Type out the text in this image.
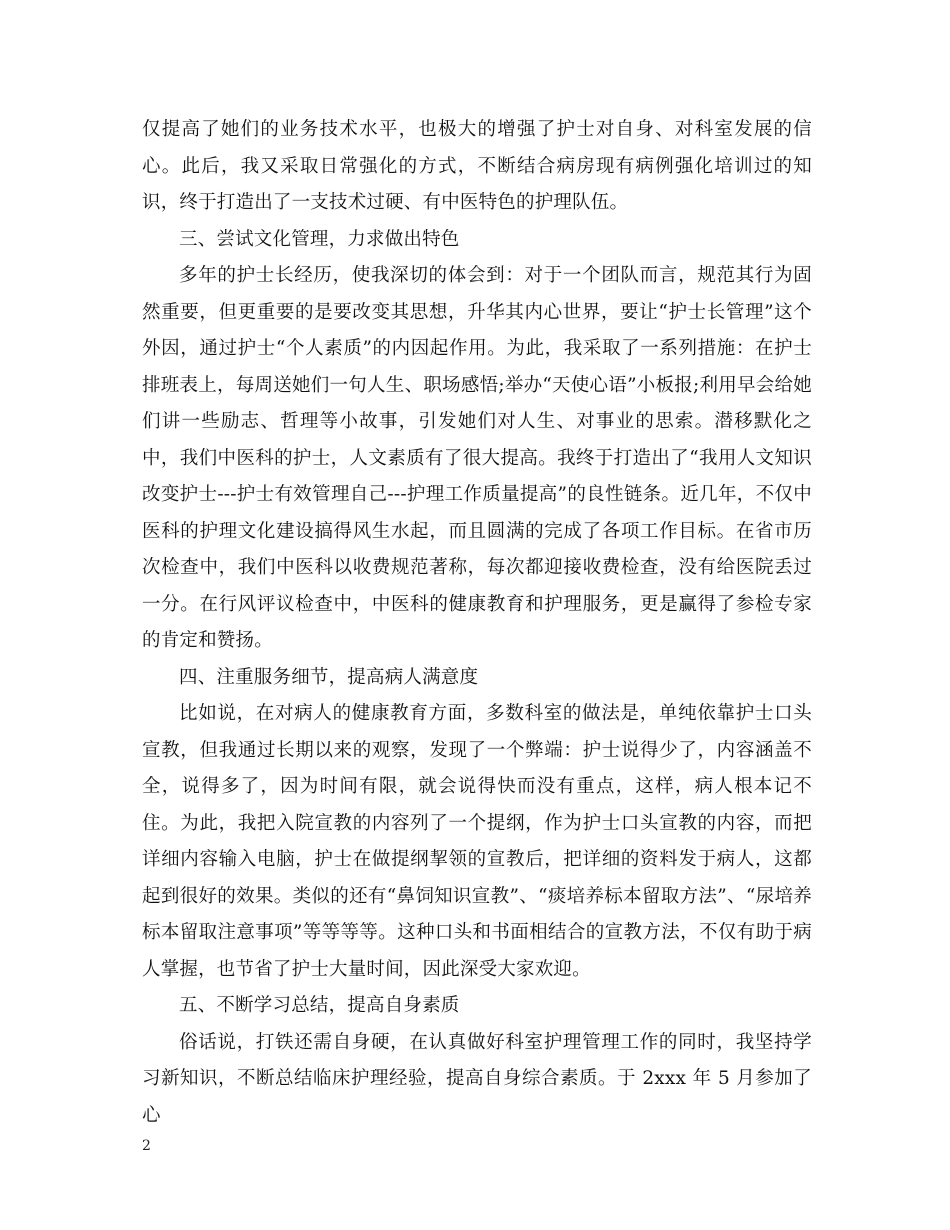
仅提高了她们的业务技术水平，也极大的增强了护士对自身、对科室发展的信心。此后，我又采取日常强化的方式，不断结合病房现有病例强化培训过的知识，终于打造出了一支技术过硬、有中医特色的护理队伍。

三、尝试文化管理，力求做出特色

多年的护士长经历，使我深切的体会到：对于一个团队而言，规范其行为固然重要，但更重要的是要改变其思想，升华其内心世界，要让“护士长管理”这个外因，通过护士“个人素质”的内因起作用。为此，我采取了一系列措施：在护士排班表上，每周送她们一句人生、职场感悟;举办“天使心语”小板报;利用早会给她们讲一些励志、哲理等小故事，引发她们对人生、对事业的思索。潜移默化之中，我们中医科的护士，人文素质有了很大提高。我终于打造出了“我用人文知识改变护士---护士有效管理自己---护理工作质量提高”的良性链条。近几年，不仅中医科的护理文化建设搞得风生水起，而且圆满的完成了各项工作目标。在省市历次检查中，我们中医科以收费规范著称，每次都迎接收费检查，没有给医院丢过一分。在行风评议检查中，中医科的健康教育和护理服务，更是赢得了参检专家的肯定和赞扬。

四、注重服务细节，提高病人满意度

比如说，在对病人的健康教育方面，多数科室的做法是，单纯依靠护士口头宣教，但我通过长期以来的观察，发现了一个弊端：护士说得少了，内容涵盖不全，说得多了，因为时间有限，就会说得快而没有重点，这样，病人根本记不住。为此，我把入院宣教的内容列了一个提纲，作为护士口头宣教的内容，而把详细内容输入电脑，护士在做提纲挈领的宣教后，把详细的资料发于病人，这都起到很好的效果。类似的还有“鼻饲知识宣教”、“痰培养标本留取方法”、“尿培养标本留取注意事项”等等等等。这种口头和书面相结合的宣教方法，不仅有助于病人掌握，也节省了护士大量时间，因此深受大家欢迎。

五、不断学习总结，提高自身素质

俗话说，打铁还需自身硬，在认真做好科室护理管理工作的同时，我坚持学习新知识，不断总结临床护理经验，提高自身综合素质。于 2xxx 年 5 月参加了心

2
